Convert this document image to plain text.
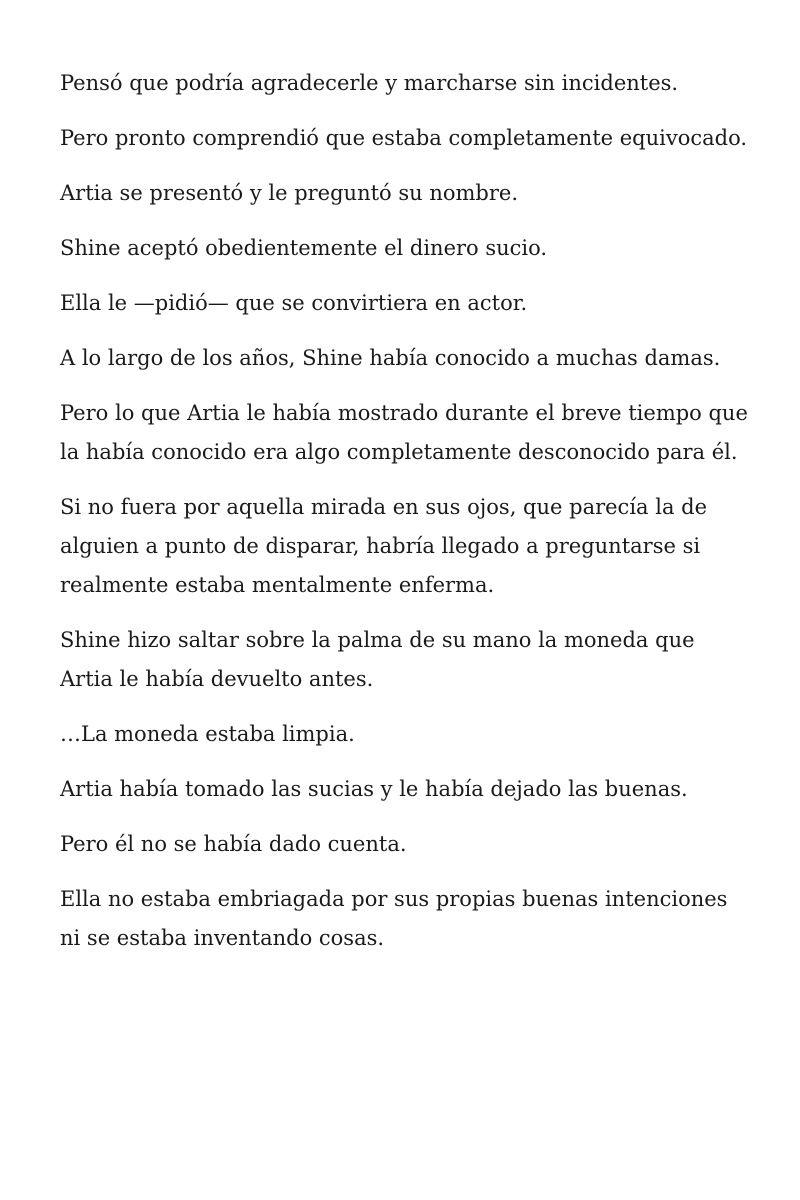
Pensó que podría agradecerle y marcharse sin incidentes.

Pero pronto comprendió que estaba completamente equivocado.

Artia se presentó y le preguntó su nombre.

Shine aceptó obedientemente el dinero sucio.

Ella le —pidió— que se convirtiera en actor.

A lo largo de los años, Shine había conocido a muchas damas.

Pero lo que Artia le había mostrado durante el breve tiempo que la había conocido era algo completamente desconocido para él.

Si no fuera por aquella mirada en sus ojos, que parecía la de alguien a punto de disparar, habría llegado a preguntarse si realmente estaba mentalmente enferma.

Shine hizo saltar sobre la palma de su mano la moneda que Artia le había devuelto antes.

…La moneda estaba limpia.

Artia había tomado las sucias y le había dejado las buenas.

Pero él no se había dado cuenta.

Ella no estaba embriagada por sus propias buenas intenciones ni se estaba inventando cosas.
